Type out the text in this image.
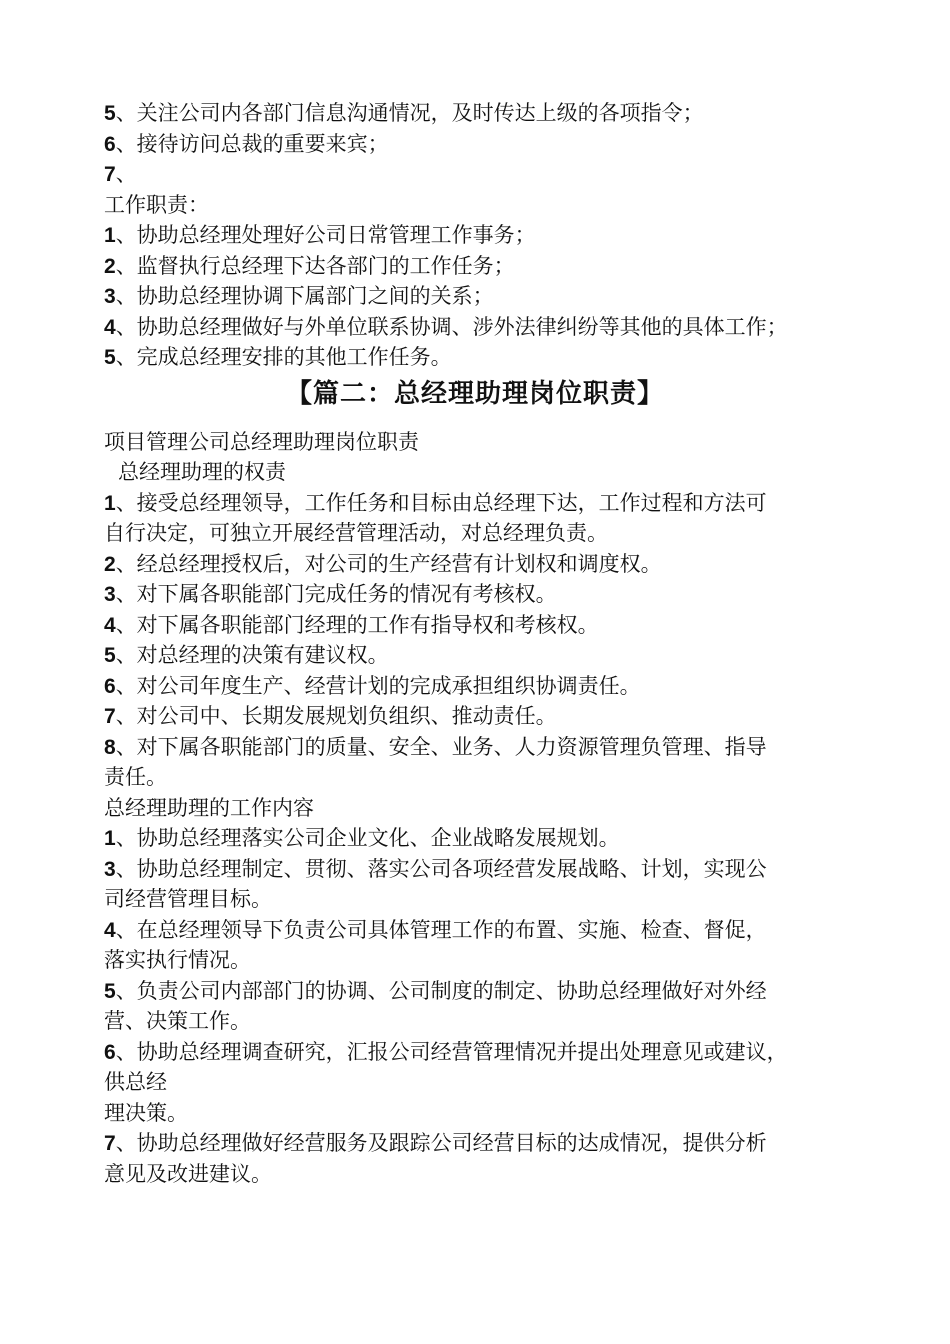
5、关注公司内各部门信息沟通情况，及时传达上级的各项指令；

6、接待访问总裁的重要来宾；

7、

工作职责：

1、协助总经理处理好公司日常管理工作事务；

2、监督执行总经理下达各部门的工作任务；

3、协助总经理协调下属部门之间的关系；

4、协助总经理做好与外单位联系协调、涉外法律纠纷等其他的具体工作；

5、完成总经理安排的其他工作任务。

【篇二：总经理助理岗位职责】

项目管理公司总经理助理岗位职责

总经理助理的权责

1、接受总经理领导，工作任务和目标由总经理下达，工作过程和方法可

自行决定，可独立开展经营管理活动，对总经理负责。

2、经总经理授权后，对公司的生产经营有计划权和调度权。

3、对下属各职能部门完成任务的情况有考核权。

4、对下属各职能部门经理的工作有指导权和考核权。

5、对总经理的决策有建议权。

6、对公司年度生产、经营计划的完成承担组织协调责任。

7、对公司中、长期发展规划负组织、推动责任。

8、对下属各职能部门的质量、安全、业务、人力资源管理负管理、指导

责任。

总经理助理的工作内容

1、协助总经理落实公司企业文化、企业战略发展规划。

3、协助总经理制定、贯彻、落实公司各项经营发展战略、计划，实现公

司经营管理目标。

4、在总经理领导下负责公司具体管理工作的布置、实施、检查、督促，

落实执行情况。

5、负责公司内部部门的协调、公司制度的制定、协助总经理做好对外经

营、决策工作。

6、协助总经理调查研究，汇报公司经营管理情况并提出处理意见或建议，

供总经

理决策。

7、协助总经理做好经营服务及跟踪公司经营目标的达成情况，提供分析

意见及改进建议。
